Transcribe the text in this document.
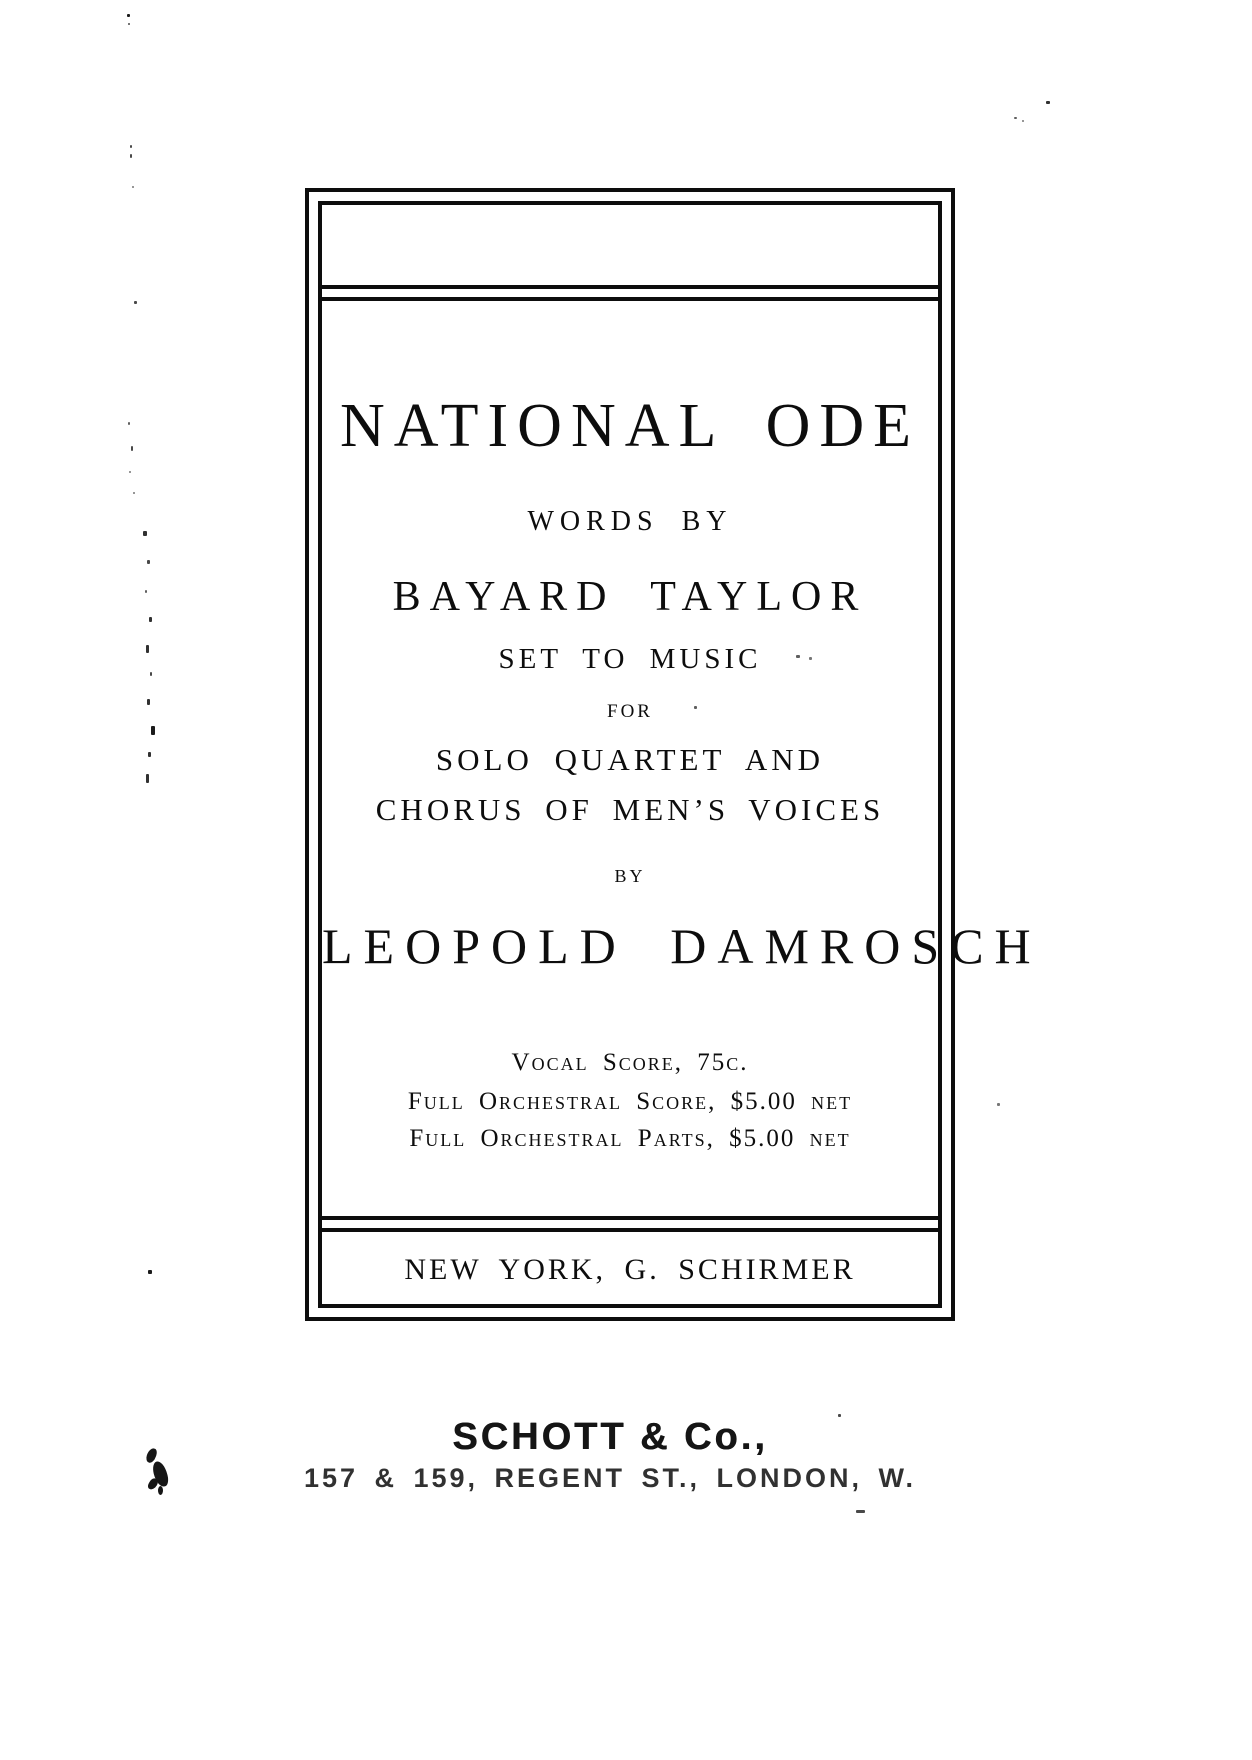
NATIONAL ODE
WORDS BY
BAYARD TAYLOR
SET TO MUSIC
FOR
SOLO QUARTET AND
CHORUS OF MEN’S VOICES
BY
LEOPOLD DAMROSCH
Vocal Score, 75c.
Full Orchestral Score, $5.00 net
Full Orchestral Parts, $5.00 net
NEW YORK, G. SCHIRMER
SCHOTT & Co.,
157 & 159, REGENT ST., LONDON, W.
